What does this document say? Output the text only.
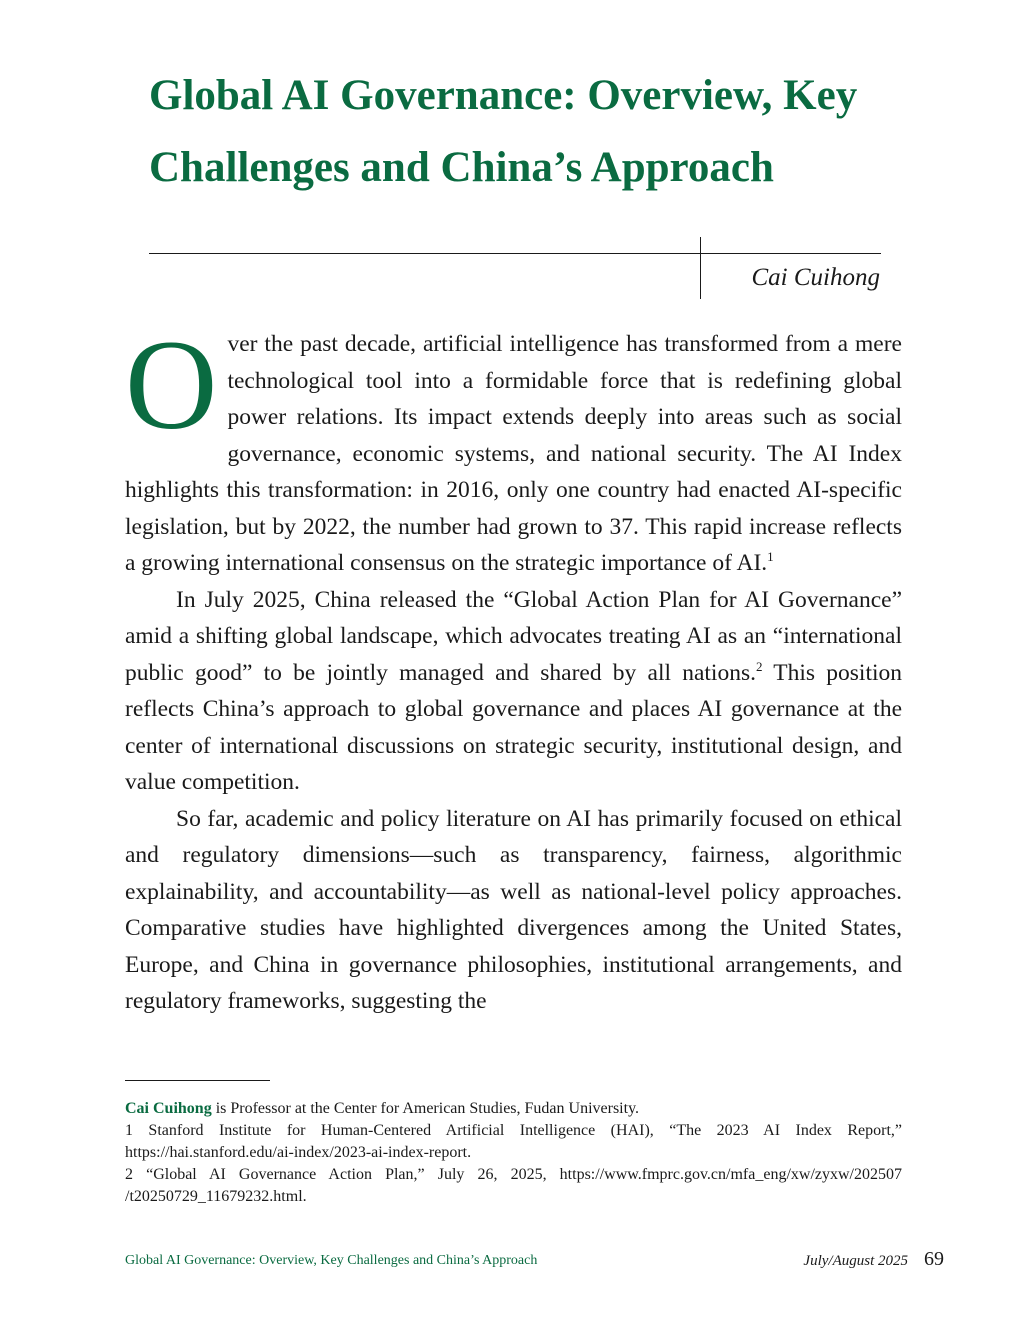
Global AI Governance: Overview, Key
Challenges and China’s Approach
Cai Cuihong

Over the past decade, artificial intelligence has transformed from a mere technological tool into a formidable force that is redefining global power relations. Its impact extends deeply into areas such as social governance, economic systems, and national security. The AI Index highlights this transformation: in 2016, only one country had enacted AI-specific legislation, but by 2022, the number had grown to 37. This rapid increase reflects a growing international consensus on the strategic importance of AI.$^1$

In July 2025, China released the “Global Action Plan for AI Governance” amid a shifting global landscape, which advocates treating AI as an “international public good” to be jointly managed and shared by all nations.$^2$ This position reflects China’s approach to global governance and places AI governance at the center of international discussions on strategic security, institutional design, and value competition.

So far, academic and policy literature on AI has primarily focused on ethical and regulatory dimensions—such as transparency, fairness, algorithmic explainability, and accountability—as well as national-level policy approaches. Comparative studies have highlighted divergences among the United States, Europe, and China in governance philosophies, institutional arrangements, and regulatory frameworks, suggesting the

Cai Cuihong is Professor at the Center for American Studies, Fudan University.

1 Stanford Institute for Human-Centered Artificial Intelligence (HAI), “The 2023 AI Index Report,” https://hai.stanford.edu/ai-index/2023-ai-index-report.

2 “Global AI Governance Action Plan,” July 26, 2025, https://www.fmprc.gov.cn/mfa_eng/xw/zyxw/202507 /t20250729_11679232.html.

Global AI Governance: Overview, Key Challenges and China’s Approach	July/August 2025 69
